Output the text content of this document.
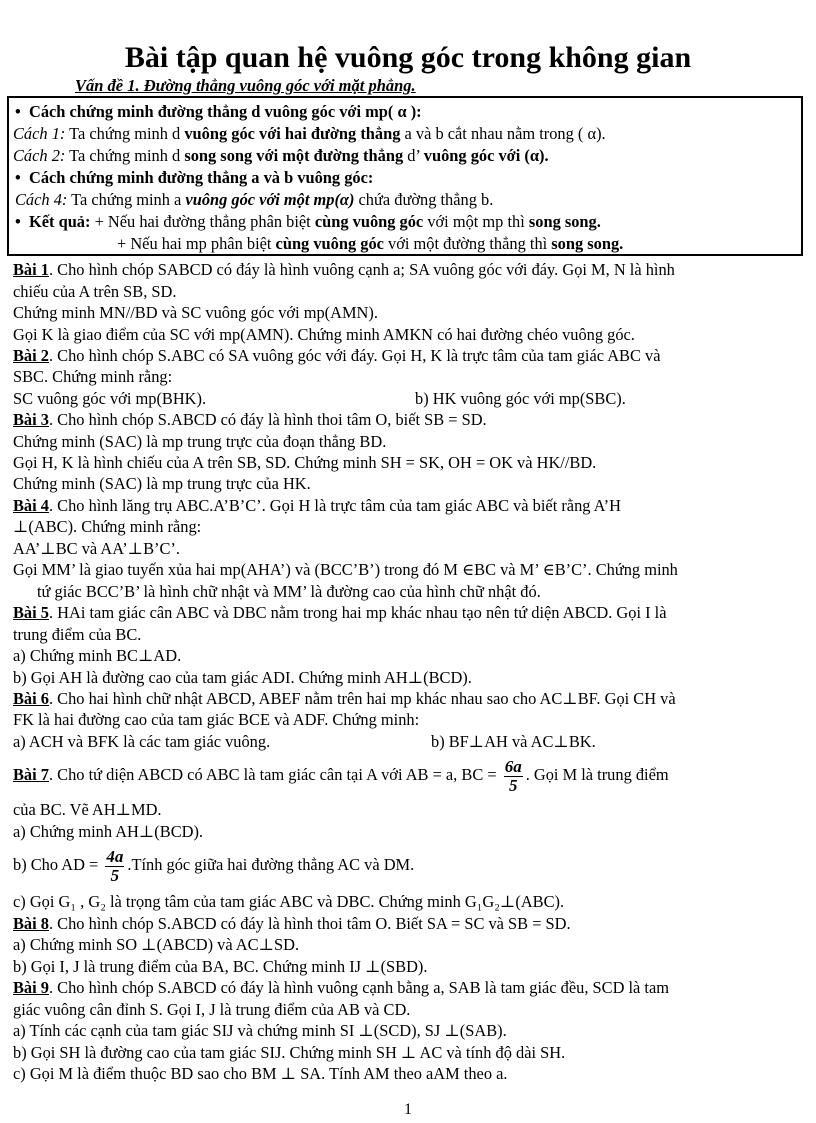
Bài tập quan hệ vuông góc trong không gian
Vấn đề 1. Đường thẳng vuông góc với mặt phẳng.
• Cách chứng minh đường thẳng d vuông góc với mp( α ):
Cách 1: Ta chứng minh d vuông góc với hai đường thẳng a và b cắt nhau nằm trong ( α).
Cách 2: Ta chứng minh d song song với một đường thẳng d’ vuông góc với (α).
• Cách chứng minh đường thẳng a và b vuông góc:
Cách 4: Ta chứng minh a vuông góc với một mp(α) chứa đường thẳng b.
• Kết quả: + Nếu hai đường thẳng phân biệt cùng vuông góc với một mp thì song song.
+ Nếu hai mp phân biệt cùng vuông góc với một đường thẳng thì song song.
Bài 1. Cho hình chóp SABCD có đáy là hình vuông cạnh a; SA vuông góc với đáy. Gọi M, N là hình
chiếu của A trên SB, SD.
Chứng minh MN//BD và SC vuông góc với mp(AMN).
Gọi K là giao điểm của SC với mp(AMN). Chứng minh AMKN có hai đường chéo vuông góc.
Bài 2. Cho hình chóp S.ABC có SA vuông góc với đáy. Gọi H, K là trực tâm của tam giác ABC và
SBC. Chứng minh rằng:
SC vuông góc với mp(BHK).	b) HK vuông góc với mp(SBC).
Bài 3. Cho hình chóp S.ABCD có đáy là hình thoi tâm O, biết SB = SD.
Chứng minh (SAC) là mp trung trực của đoạn thẳng BD.
Gọi H, K là hình chiếu của A trên SB, SD. Chứng minh SH = SK, OH = OK và HK//BD.
Chứng minh (SAC) là mp trung trực của HK.
Bài 4. Cho hình lăng trụ ABC.A’B’C’. Gọi H là trực tâm của tam giác ABC và biết rằng A’H
⊥(ABC). Chứng minh rằng:
AA’⊥BC và AA’⊥B’C’.
Gọi MM’ là giao tuyến xủa hai mp(AHA’) và (BCC’B’) trong đó M ∈BC và M’ ∈B’C’. Chứng minh
tứ giác BCC’B’ là hình chữ nhật và MM’ là đường cao của hình chữ nhật đó.
Bài 5. HAi tam giác cân ABC và DBC nằm trong hai mp khác nhau tạo nên tứ diện ABCD. Gọi I là
trung điểm của BC.
a) Chứng minh BC⊥AD.
b) Gọi AH là đường cao của tam giác ADI. Chứng minh AH⊥(BCD).
Bài 6. Cho hai hình chữ nhật ABCD, ABEF nằm trên hai mp khác nhau sao cho AC⊥BF. Gọi CH và
FK là hai đường cao của tam giác BCE và ADF. Chứng minh:
a) ACH và BFK là các tam giác vuông.	b) BF⊥AH và AC⊥BK.
Bài 7. Cho tứ diện ABCD có ABC là tam giác cân tại A với AB = a, BC = $\frac{6a}{5}$ . Gọi M là trung điểm
của BC. Vẽ AH⊥MD.
a) Chứng minh AH⊥(BCD).
b) Cho AD = $\frac{4a}{5}$ .Tính góc giữa hai đường thẳng AC và DM.
c) Gọi G₁ , G₂ là trọng tâm của tam giác ABC và DBC. Chứng minh G₁G₂⊥(ABC).
Bài 8. Cho hình chóp S.ABCD có đáy là hình thoi tâm O. Biết SA = SC và SB = SD.
a) Chứng minh SO ⊥(ABCD) và AC⊥SD.
b) Gọi I, J là trung điểm của BA, BC. Chứng minh IJ ⊥(SBD).
Bài 9. Cho hình chóp S.ABCD có đáy là hình vuông cạnh bằng a, SAB là tam giác đều, SCD là tam
giác vuông cân đỉnh S. Gọi I, J là trung điểm của AB và CD.
a) Tính các cạnh của tam giác SIJ và chứng minh SI ⊥(SCD), SJ ⊥(SAB).
b) Gọi SH là đường cao của tam giác SIJ. Chứng minh SH ⊥ AC và tính độ dài SH.
c) Gọi M là điểm thuộc BD sao cho BM ⊥ SA. Tính AM theo aAM theo a.
1
